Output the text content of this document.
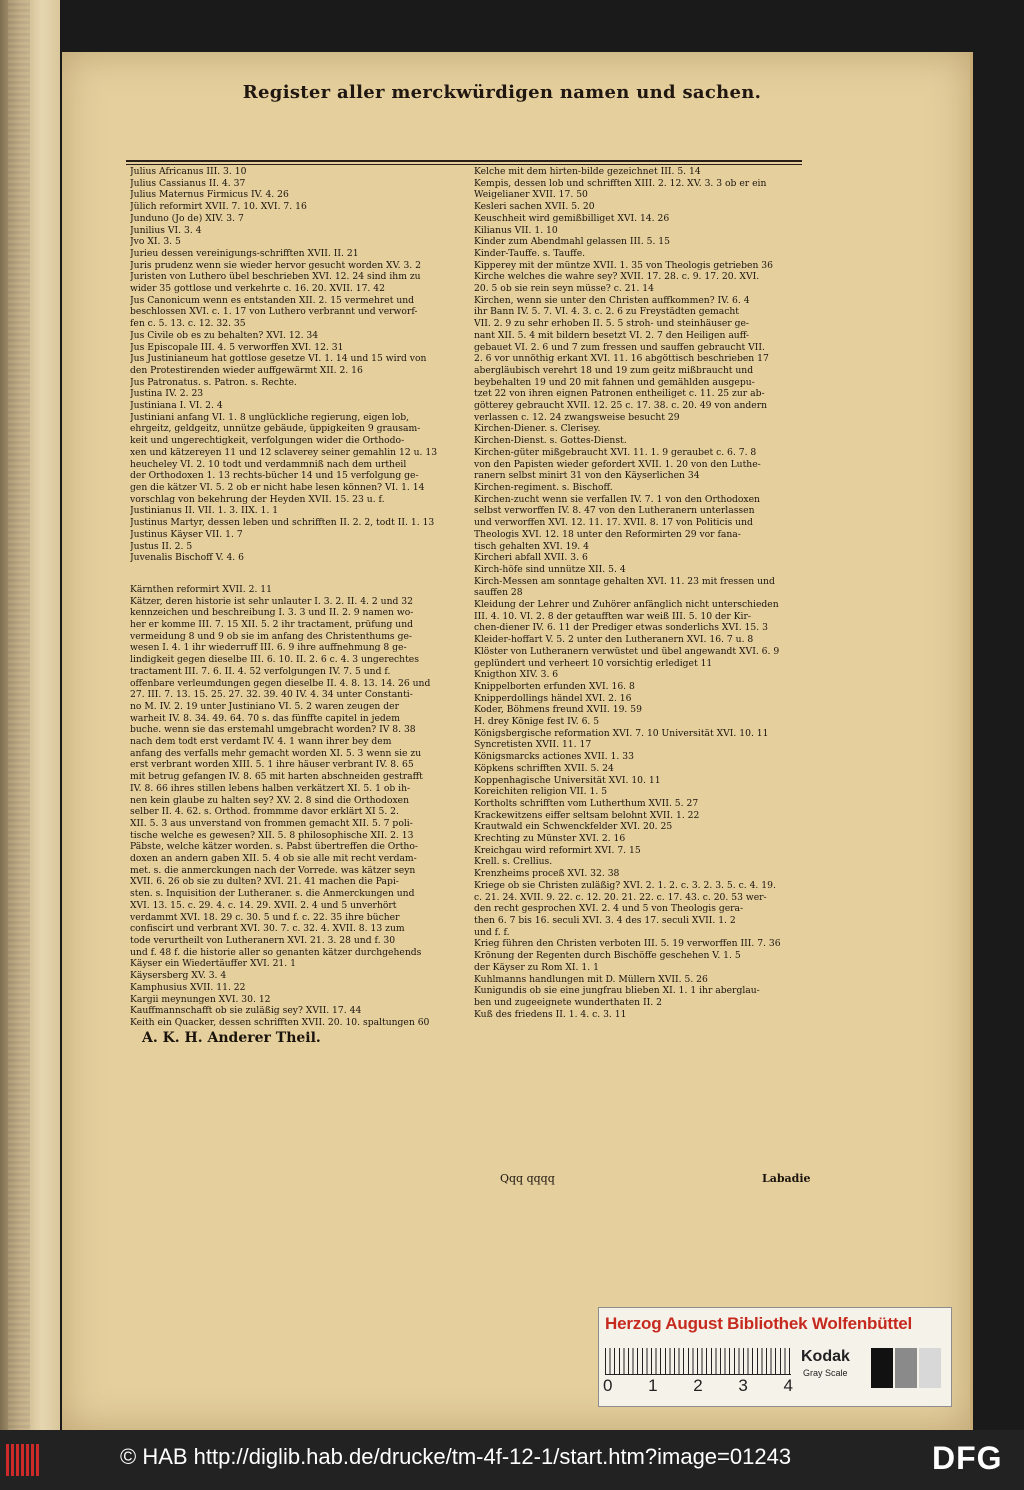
Register aller merckwürdigen namen und sachen.
Julius Africanus III. 3. 10
Julius Cassianus II. 4. 37
Julius Maternus Firmicus IV. 4. 26
Jülich reformirt XVII. 7. 10. XVI. 7. 16
Junduno (Jo de) XIV. 3. 7
Junilius VI. 3. 4
Jvo XI. 3. 5
Jurieu dessen vereinigungs-schrifften XVII. II. 21
Juris prudenz wenn sie wieder hervor gesucht worden XV. 3. 2
Juristen von Luthero übel beschrieben XVI. 12. 24 sind ihm zu
wider 35 gottlose und verkehrte c. 16. 20. XVII. 17. 42
Jus Canonicum wenn es entstanden XII. 2. 15 vermehret und
beschlossen XVI. c. 1. 17 von Luthero verbrannt und verworf-
fen c. 5. 13. c. 12. 32. 35
Jus Civile ob es zu behalten? XVI. 12. 34
Jus Episcopale III. 4. 5 verworffen XVI. 12. 31
Jus Justinianeum hat gottlose gesetze VI. 1. 14 und 15 wird von
den Protestirenden wieder auffgewärmt XII. 2. 16
Jus Patronatus. s. Patron. s. Rechte.
Justina IV. 2. 23
Justiniana I. VI. 2. 4
Justiniani anfang VI. 1. 8 unglückliche regierung, eigen lob,
ehrgeitz, geldgeitz, unnütze gebäude, üppigkeiten 9 grausam-
keit und ungerechtigkeit, verfolgungen wider die Orthodo-
xen und kätzereyen 11 und 12 sclaverey seiner gemahlin 12 u. 13
heucheley VI. 2. 10 todt und verdammniß nach dem urtheil
der Orthodoxen 1. 13 rechts-bücher 14 und 15 verfolgung ge-
gen die kätzer VI. 5. 2 ob er nicht habe lesen können? VI. 1. 14
vorschlag von bekehrung der Heyden XVII. 15. 23 u. f.
Justinianus II. VII. 1. 3. IIX. 1. 1
Justinus Martyr, dessen leben und schrifften II. 2. 2, todt II. 1. 13
Justinus Käyser VII. 1. 7
Justus II. 2. 5
Juvenalis Bischoff V. 4. 6
Kärnthen reformirt XVII. 2. 11
Kätzer, deren historie ist sehr unlauter I. 3. 2. II. 4. 2 und 32
kennzeichen und beschreibung I. 3. 3 und II. 2. 9 namen wo-
her er komme III. 7. 15 XII. 5. 2 ihr tractament, prüfung und
vermeidung 8 und 9 ob sie im anfang des Christenthums ge-
wesen I. 4. 1 ihr wiederruff III. 6. 9 ihre auffnehmung 8 ge-
lindigkeit gegen dieselbe III. 6. 10. II. 2. 6 c. 4. 3 ungerechtes
tractament III. 7. 6. II. 4. 52 verfolgungen IV. 7. 5 und f.
offenbare verleumdungen gegen dieselbe II. 4. 8. 13. 14. 26 und
27. III. 7. 13. 15. 25. 27. 32. 39. 40 IV. 4. 34 unter Constanti-
no M. IV. 2. 19 unter Justiniano VI. 5. 2 waren zeugen der
warheit IV. 8. 34. 49. 64. 70 s. das fünffte capitel in jedem
buche. wenn sie das erstemahl umgebracht worden? IV 8. 38
nach dem todt erst verdamt IV. 4. 1 wann ihrer bey dem
anfang des verfalls mehr gemacht worden XI. 5. 3 wenn sie zu
erst verbrant worden XIII. 5. 1 ihre häuser verbrant IV. 8. 65
mit betrug gefangen IV. 8. 65 mit harten abschneiden gestrafft
IV. 8. 66 ihres stillen lebens halben verkätzert XI. 5. 1 ob ih-
nen kein glaube zu halten sey? XV. 2. 8 sind die Orthodoxen
selber II. 4. 62. s. Orthod. frommme davor erklärt XI 5. 2.
XII. 5. 3 aus unverstand von frommen gemacht XII. 5. 7 poli-
tische welche es gewesen? XII. 5. 8 philosophische XII. 2. 13
Päbste, welche kätzer worden. s. Pabst übertreffen die Ortho-
doxen an andern gaben XII. 5. 4 ob sie alle mit recht verdam-
met. s. die anmerckungen nach der Vorrede. was kätzer seyn
XVII. 6. 26 ob sie zu dulten? XVI. 21. 41 machen die Papi-
sten. s. Inquisition der Lutheraner. s. die Anmerckungen und
XVI. 13. 15. c. 29. 4. c. 14. 29. XVII. 2. 4 und 5 unverhört
verdammt XVI. 18. 29 c. 30. 5 und f. c. 22. 35 ihre bücher
confiscirt und verbrant XVI. 30. 7. c. 32. 4. XVII. 8. 13 zum
tode verurtheilt von Lutheranern XVI. 21. 3. 28 und f. 30
und f. 48 f. die historie aller so genanten kätzer durchgehends
Käyser ein Wiedertäuffer XVI. 21. 1
Käysersberg XV. 3. 4
Kamphusius XVII. 11. 22
Kargii meynungen XVI. 30. 12
Kauffmannschafft ob sie zuläßig sey? XVII. 17. 44
Keith ein Quacker, dessen schrifften XVII. 20. 10. spaltungen 60
A. K. H. Anderer Theil.
Kelche mit dem hirten-bilde gezeichnet III. 5. 14
Kempis, dessen lob und schrifften XIII. 2. 12. XV. 3. 3 ob er ein
Weigelianer XVII. 17. 50
Kesleri sachen XVII. 5. 20
Keuschheit wird gemißbilliget XVI. 14. 26
Kilianus VII. 1. 10
Kinder zum Abendmahl gelassen III. 5. 15
Kinder-Tauffe. s. Tauffe.
Kipperey mit der müntze XVII. 1. 35 von Theologis getrieben 36
Kirche welches die wahre sey? XVII. 17. 28. c. 9. 17. 20. XVI.
20. 5 ob sie rein seyn müsse? c. 21. 14
Kirchen, wenn sie unter den Christen auffkommen? IV. 6. 4
ihr Bann IV. 5. 7. VI. 4. 3. c. 2. 6 zu Freystädten gemacht
VII. 2. 9 zu sehr erhoben II. 5. 5 stroh- und steinhäuser ge-
nant XII. 5. 4 mit bildern besetzt VI. 2. 7 den Heiligen auff-
gebauet VI. 2. 6 und 7 zum fressen und sauffen gebraucht VII.
2. 6 vor unnöthig erkant XVI. 11. 16 abgöttisch beschrieben 17
abergläubisch verehrt 18 und 19 zum geitz mißbraucht und
beybehalten 19 und 20 mit fahnen und gemählden ausgepu-
tzet 22 von ihren eignen Patronen entheiliget c. 11. 25 zur ab-
götterey gebraucht XVII. 12. 25 c. 17. 38. c. 20. 49 von andern
verlassen c. 12. 24 zwangsweise besucht 29
Kirchen-Diener. s. Clerisey.
Kirchen-Dienst. s. Gottes-Dienst.
Kirchen-güter mißgebraucht XVI. 11. 1. 9 geraubet c. 6. 7. 8
von den Papisten wieder gefordert XVII. 1. 20 von den Luthe-
ranern selbst minirt 31 von den Käyserlichen 34
Kirchen-regiment. s. Bischoff.
Kirchen-zucht wenn sie verfallen IV. 7. 1 von den Orthodoxen
selbst verworffen IV. 8. 47 von den Lutheranern unterlassen
und verworffen XVI. 12. 11. 17. XVII. 8. 17 von Politicis und
Theologis XVI. 12. 18 unter den Reformirten 29 vor fana-
tisch gehalten XVI. 19. 4
Kircheri abfall XVII. 3. 6
Kirch-höfe sind unnütze XII. 5. 4
Kirch-Messen am sonntage gehalten XVI. 11. 23 mit fressen und
sauffen 28
Kleidung der Lehrer und Zuhörer anfänglich nicht unterschieden
III. 4. 10. VI. 2. 8 der getaufften war weiß III. 5. 10 der Kir-
chen-diener IV. 6. 11 der Prediger etwas sonderlichs XVI. 15. 3
Kleider-hoffart V. 5. 2 unter den Lutheranern XVI. 16. 7 u. 8
Klöster von Lutheranern verwüstet und übel angewandt XVI. 6. 9
geplündert und verheert 10 vorsichtig erlediget 11
Knigthon XIV. 3. 6
Knippelborten erfunden XVI. 16. 8
Knipperdollings händel XVI. 2. 16
Koder, Böhmens freund XVII. 19. 59
H. drey Könige fest IV. 6. 5
Königsbergische reformation XVI. 7. 10 Universität XVI. 10. 11
Syncretisten XVII. 11. 17
Königsmarcks actiones XVII. 1. 33
Köpkens schrifften XVII. 5. 24
Koppenhagische Universität XVI. 10. 11
Koreichiten religion VII. 1. 5
Kortholts schrifften vom Lutherthum XVII. 5. 27
Krackewitzens eiffer seltsam belohnt XVII. 1. 22
Krautwald ein Schwenckfelder XVI. 20. 25
Krechting zu Münster XVI. 2. 16
Kreichgau wird reformirt XVI. 7. 15
Krell. s. Crellius.
Krenzheims proceß XVI. 32. 38
Kriege ob sie Christen zuläßig? XVI. 2. 1. 2. c. 3. 2. 3. 5. c. 4. 19.
c. 21. 24. XVII. 9. 22. c. 12. 20. 21. 22. c. 17. 43. c. 20. 53 wer-
den recht gesprochen XVI. 2. 4 und 5 von Theologis gera-
then 6. 7 bis 16. seculi XVI. 3. 4 des 17. seculi XVII. 1. 2
und f. f.
Krieg führen den Christen verboten III. 5. 19 verworffen III. 7. 36
Krönung der Regenten durch Bischöffe geschehen V. 1. 5
der Käyser zu Rom XI. 1. 1
Kuhlmanns handlungen mit D. Müllern XVII. 5. 26
Kunigundis ob sie eine jungfrau blieben XI. 1. 1 ihr aberglau-
ben und zugeeignete wunderthaten II. 2
Kuß des friedens II. 1. 4. c. 3. 11
Qqq qqqq	Labadie
Herzog August Bibliothek Wolfenbüttel
0 1 2 3 4
Kodak
Gray Scale
© HAB http://diglib.hab.de/drucke/tm-4f-12-1/start.htm?image=01243	DFG
